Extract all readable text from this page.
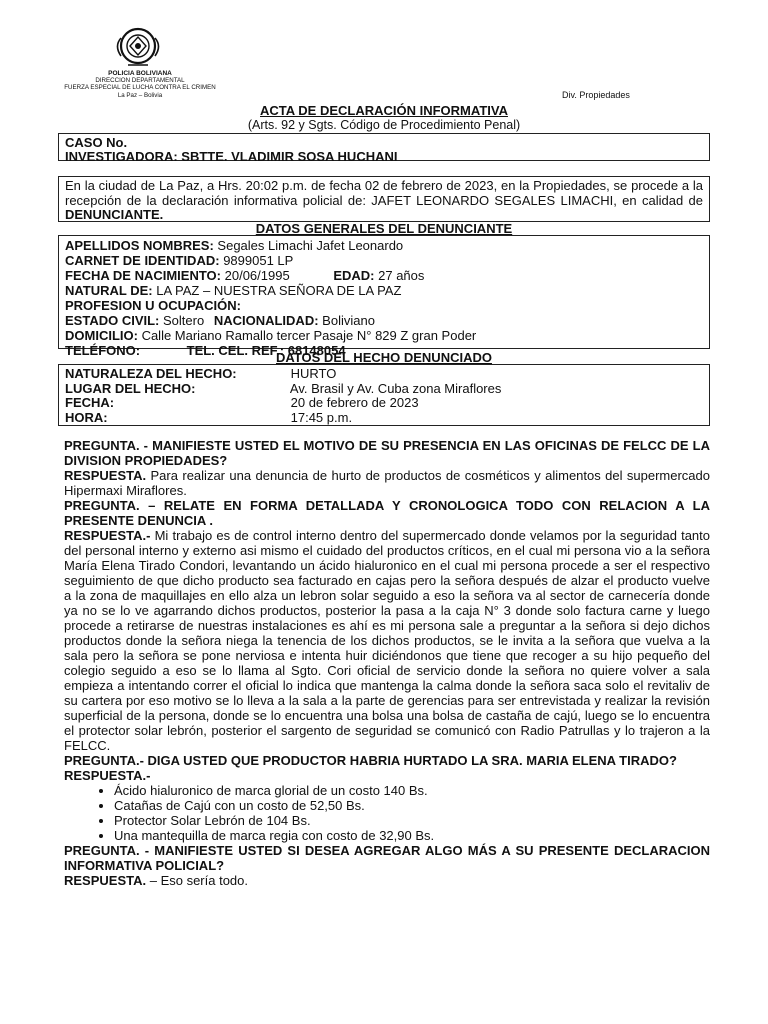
POLICIA BOLIVIANA
DIRECCION DEPARTAMENTAL
FUERZA ESPECIAL DE LUCHA CONTRA EL CRIMEN
La Paz – Bolivia	Div. Propiedades
ACTA DE DECLARACIÓN INFORMATIVA
(Arts. 92 y Sgts. Código de Procedimiento Penal)
CASO No.
INVESTIGADORA: SBTTE. VLADIMIR SOSA HUCHANI
En la ciudad de La Paz, a Hrs. 20:02 p.m. de fecha 02 de febrero de 2023, en la Propiedades, se procede a la recepción de la declaración informativa policial de: JAFET LEONARDO SEGALES LIMACHI, en calidad de DENUNCIANTE.
DATOS GENERALES DEL DENUNCIANTE
APELLIDOS NOMBRES: Segales Limachi Jafet Leonardo
CARNET DE IDENTIDAD: 9899051 LP
FECHA DE NACIMIENTO: 20/06/1995	EDAD: 27 años
NATURAL DE: LA PAZ – NUESTRA SEÑORA DE LA PAZ
PROFESION U OCUPACIÓN:
ESTADO CIVIL: Soltero NACIONALIDAD: Boliviano
DOMICILIO: Calle Mariano Ramallo tercer Pasaje N° 829 Z gran Poder
TELÉFONO:	TEL. CEL. REF.: 68148054
DATOS DEL HECHO DENUNCIADO
NATURALEZA DEL HECHO:	HURTO
LUGAR DEL HECHO:	Av. Brasil y Av. Cuba zona Miraflores
FECHA:	20 de febrero de 2023
HORA:	17:45 p.m.

PREGUNTA. - MANIFIESTE USTED EL MOTIVO DE SU PRESENCIA EN LAS OFICINAS DE FELCC DE LA DIVISION PROPIEDADES?

RESPUESTA. Para realizar una denuncia de hurto de productos de cosméticos y alimentos del supermercado Hipermaxi Miraflores.

PREGUNTA. – RELATE EN FORMA DETALLADA Y CRONOLOGICA TODO CON RELACION A LA PRESENTE DENUNCIA .

RESPUESTA.- Mi trabajo es de control interno dentro del supermercado donde velamos por la seguridad tanto del personal interno y externo asi mismo el cuidado del productos críticos, en el cual mi persona vio a la señora María Elena Tirado Condori, levantando un ácido hialuronico en el cual mi persona procede a ser el respectivo seguimiento de que dicho producto sea facturado en cajas pero la señora después de alzar el producto vuelve a la zona de maquillajes en ello alza un lebron solar seguido a eso la señora va al sector de carnecería donde ya no se lo ve agarrando dichos productos, posterior la pasa a la caja N° 3 donde solo factura carne y luego procede a retirarse de nuestras instalaciones es ahí es mi persona sale a preguntar a la señora si dejo dichos productos donde la señora niega la tenencia de los dichos productos, se le invita a la señora que vuelva a la sala pero la señora se pone nerviosa e intenta huir diciéndonos que tiene que recoger a su hijo pequeño del colegio seguido a eso se lo llama al Sgto. Cori oficial de servicio donde la señora no quiere volver a sala empieza a intentando correr el oficial lo indica que mantenga la calma donde la señora saca solo el revitaliv de su cartera por eso motivo se lo lleva a la sala a la parte de gerencias para ser entrevistada y realizar la revisión superficial de la persona, donde se lo encuentra una bolsa una bolsa de castaña de cajú, luego se lo encuentra el protector solar lebrón, posterior el sargento de seguridad se comunicó con Radio Patrullas y lo trajeron a la FELCC.

PREGUNTA.- DIGA USTED QUE PRODUCTOR HABRIA HURTADO LA SRA. MARIA ELENA TIRADO?

RESPUESTA.-

• Ácido hialuronico de marca glorial de un costo 140 Bs.
• Catañas de Cajú con un costo de 52,50 Bs.
• Protector Solar Lebrón de 104 Bs.
• Una mantequilla de marca regia con costo de 32,90 Bs.

PREGUNTA. - MANIFIESTE USTED SI DESEA AGREGAR ALGO MÁS A SU PRESENTE DECLARACION INFORMATIVA POLICIAL?

RESPUESTA. – Eso sería todo.
